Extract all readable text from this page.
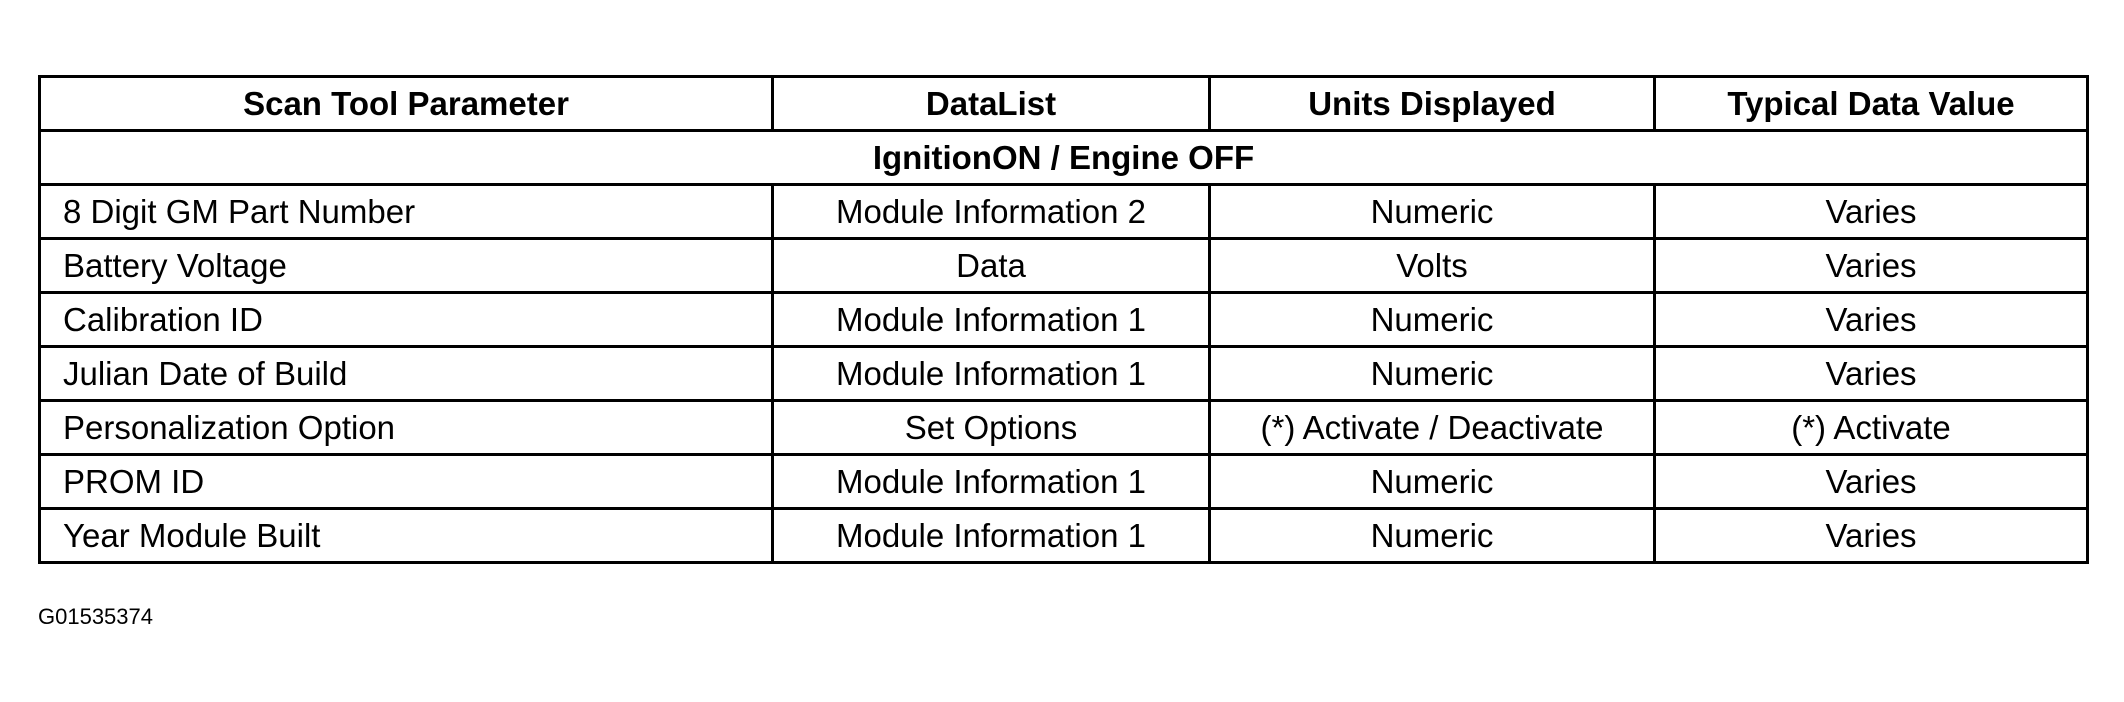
Scan Tool Parameter	DataList	Units Displayed	Typical Data Value
IgnitionON / Engine OFF			
8 Digit GM Part Number	Module Information 2	Numeric	Varies
Battery Voltage	Data	Volts	Varies
Calibration ID	Module Information 1	Numeric	Varies
Julian Date of Build	Module Information 1	Numeric	Varies
Personalization Option	Set Options	(*) Activate / Deactivate	(*) Activate
PROM ID	Module Information 1	Numeric	Varies
Year Module Built	Module Information 1	Numeric	Varies
G01535374
